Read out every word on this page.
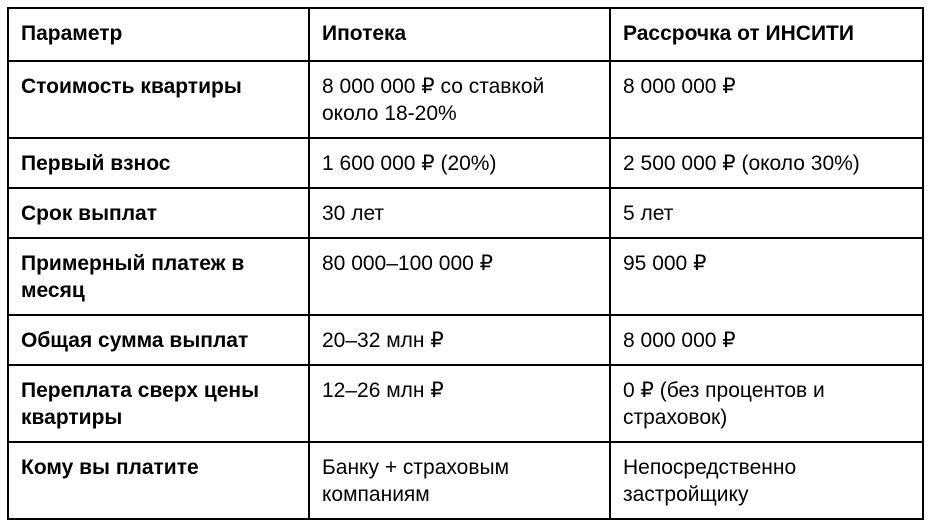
Параметр	Ипотека	Рассрочка от ИНСИТИ
Стоимость квартиры	8 000 000 ₽ со ставкой около 18-20%	8 000 000 ₽
Первый взнос	1 600 000 ₽ (20%)	2 500 000 ₽ (около 30%)
Срок выплат	30 лет	5 лет
Примерный платеж в месяц	80 000–100 000 ₽	95 000 ₽
Общая сумма выплат	20–32 млн ₽	8 000 000 ₽
Переплата сверх цены квартиры	12–26 млн ₽	0 ₽ (без процентов и страховок)
Кому вы платите	Банку + страховым компаниям	Непосредственно застройщику
